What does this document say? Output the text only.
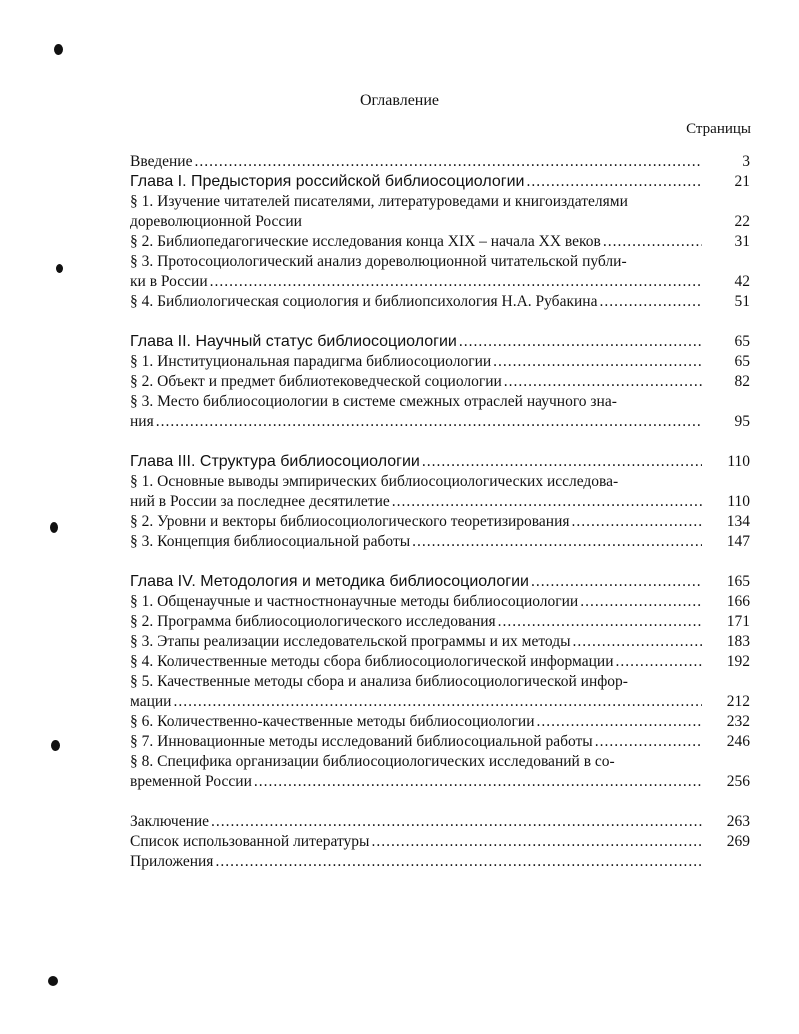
Оглавление
Страницы
Введение .....	3
Глава I. Предыстория российской библиосоциологии .....	21
§ 1. Изучение читателей писателями, литературоведами и книгоиздателями
дореволюционной России	22
§ 2. Библиопедагогические исследования конца XIX – начала XX веков .....	31
§ 3. Протосоциологический анализ дореволюционной читательской публи-
ки в России .....	42
§ 4. Библиологическая социология и библиопсихология Н.А. Рубакина .....	51
Глава II. Научный статус библиосоциологии .....	65
§ 1. Институциональная парадигма библиосоциологии .....	65
§ 2. Объект и предмет библиотековедческой социологии .....	82
§ 3. Место библиосоциологии в системе смежных отраслей научного зна-
ния .....	95
Глава III. Структура библиосоциологии .....	110
§ 1. Основные выводы эмпирических библиосоциологических исследова-
ний в России за последнее десятилетие .....	110
§ 2. Уровни и векторы библиосоциологического теоретизирования .....	134
§ 3. Концепция библиосоциальной работы .....	147
Глава IV. Методология и методика библиосоциологии .....	165
§ 1. Общенаучные и частностнонаучные методы библиосоциологии .....	166
§ 2. Программа библиосоциологического исследования .....	171
§ 3. Этапы реализации исследовательской программы и их методы .....	183
§ 4. Количественные методы сбора библиосоциологической информации .....	192
§ 5. Качественные методы сбора и анализа библиосоциологической инфор-
мации .....	212
§ 6. Количественно-качественные методы библиосоциологии .....	232
§ 7. Инновационные методы исследований библиосоциальной работы .....	246
§ 8. Специфика организации библиосоциологических исследований в со-
временной России .....	256
Заключение .....	263
Список использованной литературы .....	269
Приложения
.....
